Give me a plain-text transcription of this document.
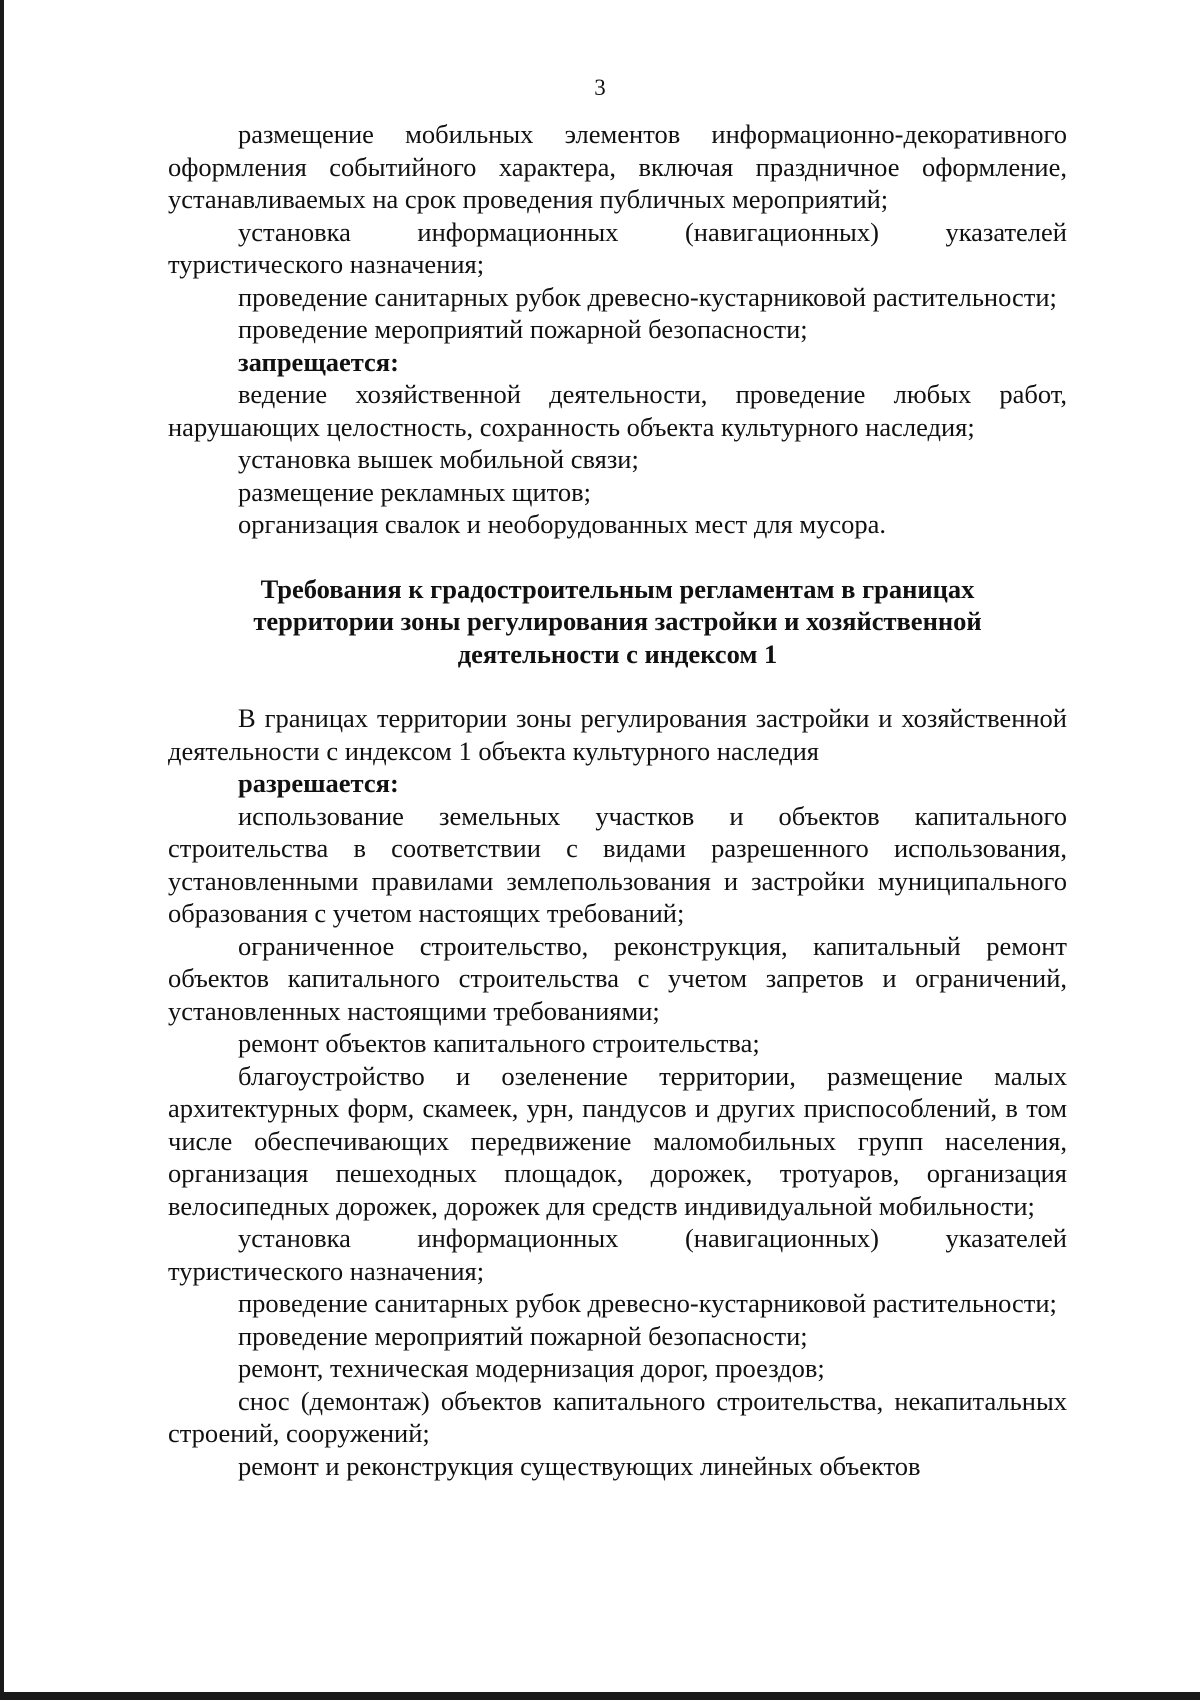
3

размещение мобильных элементов информационно-декоративного оформления событийного характера, включая праздничное оформление, устанавливаемых на срок проведения публичных мероприятий;

установка информационных (навигационных) указателей туристического назначения;

проведение санитарных рубок древесно-кустарниковой растительности;

проведение мероприятий пожарной безопасности;

запрещается:

ведение хозяйственной деятельности, проведение любых работ, нарушающих целостность, сохранность объекта культурного наследия;

установка вышек мобильной связи;

размещение рекламных щитов;

организация свалок и необорудованных мест для мусора.

Требования к градостроительным регламентам в границах
территории зоны регулирования застройки и хозяйственной
деятельности с индексом 1

В границах территории зоны регулирования застройки и хозяйственной деятельности с индексом 1 объекта культурного наследия

разрешается:

использование земельных участков и объектов капитального строительства в соответствии с видами разрешенного использования, установленными правилами землепользования и застройки муниципального образования с учетом настоящих требований;

ограниченное строительство, реконструкция, капитальный ремонт объектов капитального строительства с учетом запретов и ограничений, установленных настоящими требованиями;

ремонт объектов капитального строительства;

благоустройство и озеленение территории, размещение малых архитектурных форм, скамеек, урн, пандусов и других приспособлений, в том числе обеспечивающих передвижение маломобильных групп населения, организация пешеходных площадок, дорожек, тротуаров, организация велосипедных дорожек, дорожек для средств индивидуальной мобильности;

установка информационных (навигационных) указателей туристического назначения;

проведение санитарных рубок древесно-кустарниковой растительности;

проведение мероприятий пожарной безопасности;

ремонт, техническая модернизация дорог, проездов;

снос (демонтаж) объектов капитального строительства, некапитальных строений, сооружений;

ремонт и реконструкция существующих линейных объектов
